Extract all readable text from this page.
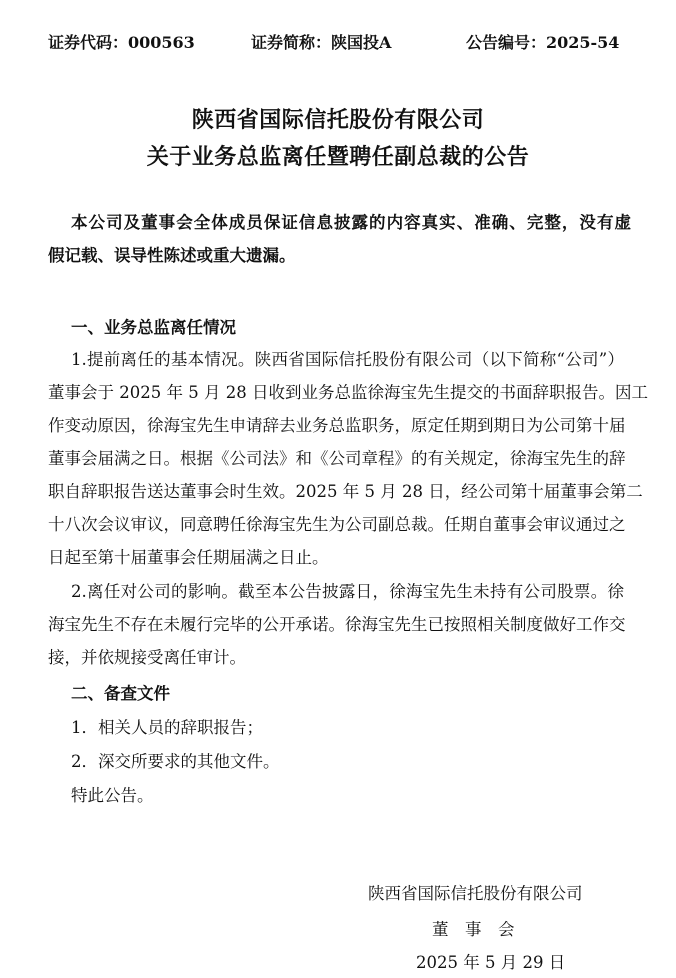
证券代码：000563	证券简称：陕国投A	公告编号：2025-54
陕西省国际信托股份有限公司
关于业务总监离任暨聘任副总裁的公告
本公司及董事会全体成员保证信息披露的内容真实、准确、完整，没有虚
假记载、误导性陈述或重大遗漏。
一、业务总监离任情况
1.提前离任的基本情况。陕西省国际信托股份有限公司（以下简称“公司”）
董事会于 2025 年 5 月 28 日收到业务总监徐海宝先生提交的书面辞职报告。因工
作变动原因，徐海宝先生申请辞去业务总监职务，原定任期到期日为公司第十届
董事会届满之日。根据《公司法》和《公司章程》的有关规定，徐海宝先生的辞
职自辞职报告送达董事会时生效。2025 年 5 月 28 日，经公司第十届董事会第二
十八次会议审议，同意聘任徐海宝先生为公司副总裁。任期自董事会审议通过之
日起至第十届董事会任期届满之日止。
2.离任对公司的影响。截至本公告披露日，徐海宝先生未持有公司股票。徐
海宝先生不存在未履行完毕的公开承诺。徐海宝先生已按照相关制度做好工作交
接，并依规接受离任审计。
二、备查文件
1．相关人员的辞职报告；
2．深交所要求的其他文件。
特此公告。
陕西省国际信托股份有限公司
董　事　会
2025 年 5 月 29 日
